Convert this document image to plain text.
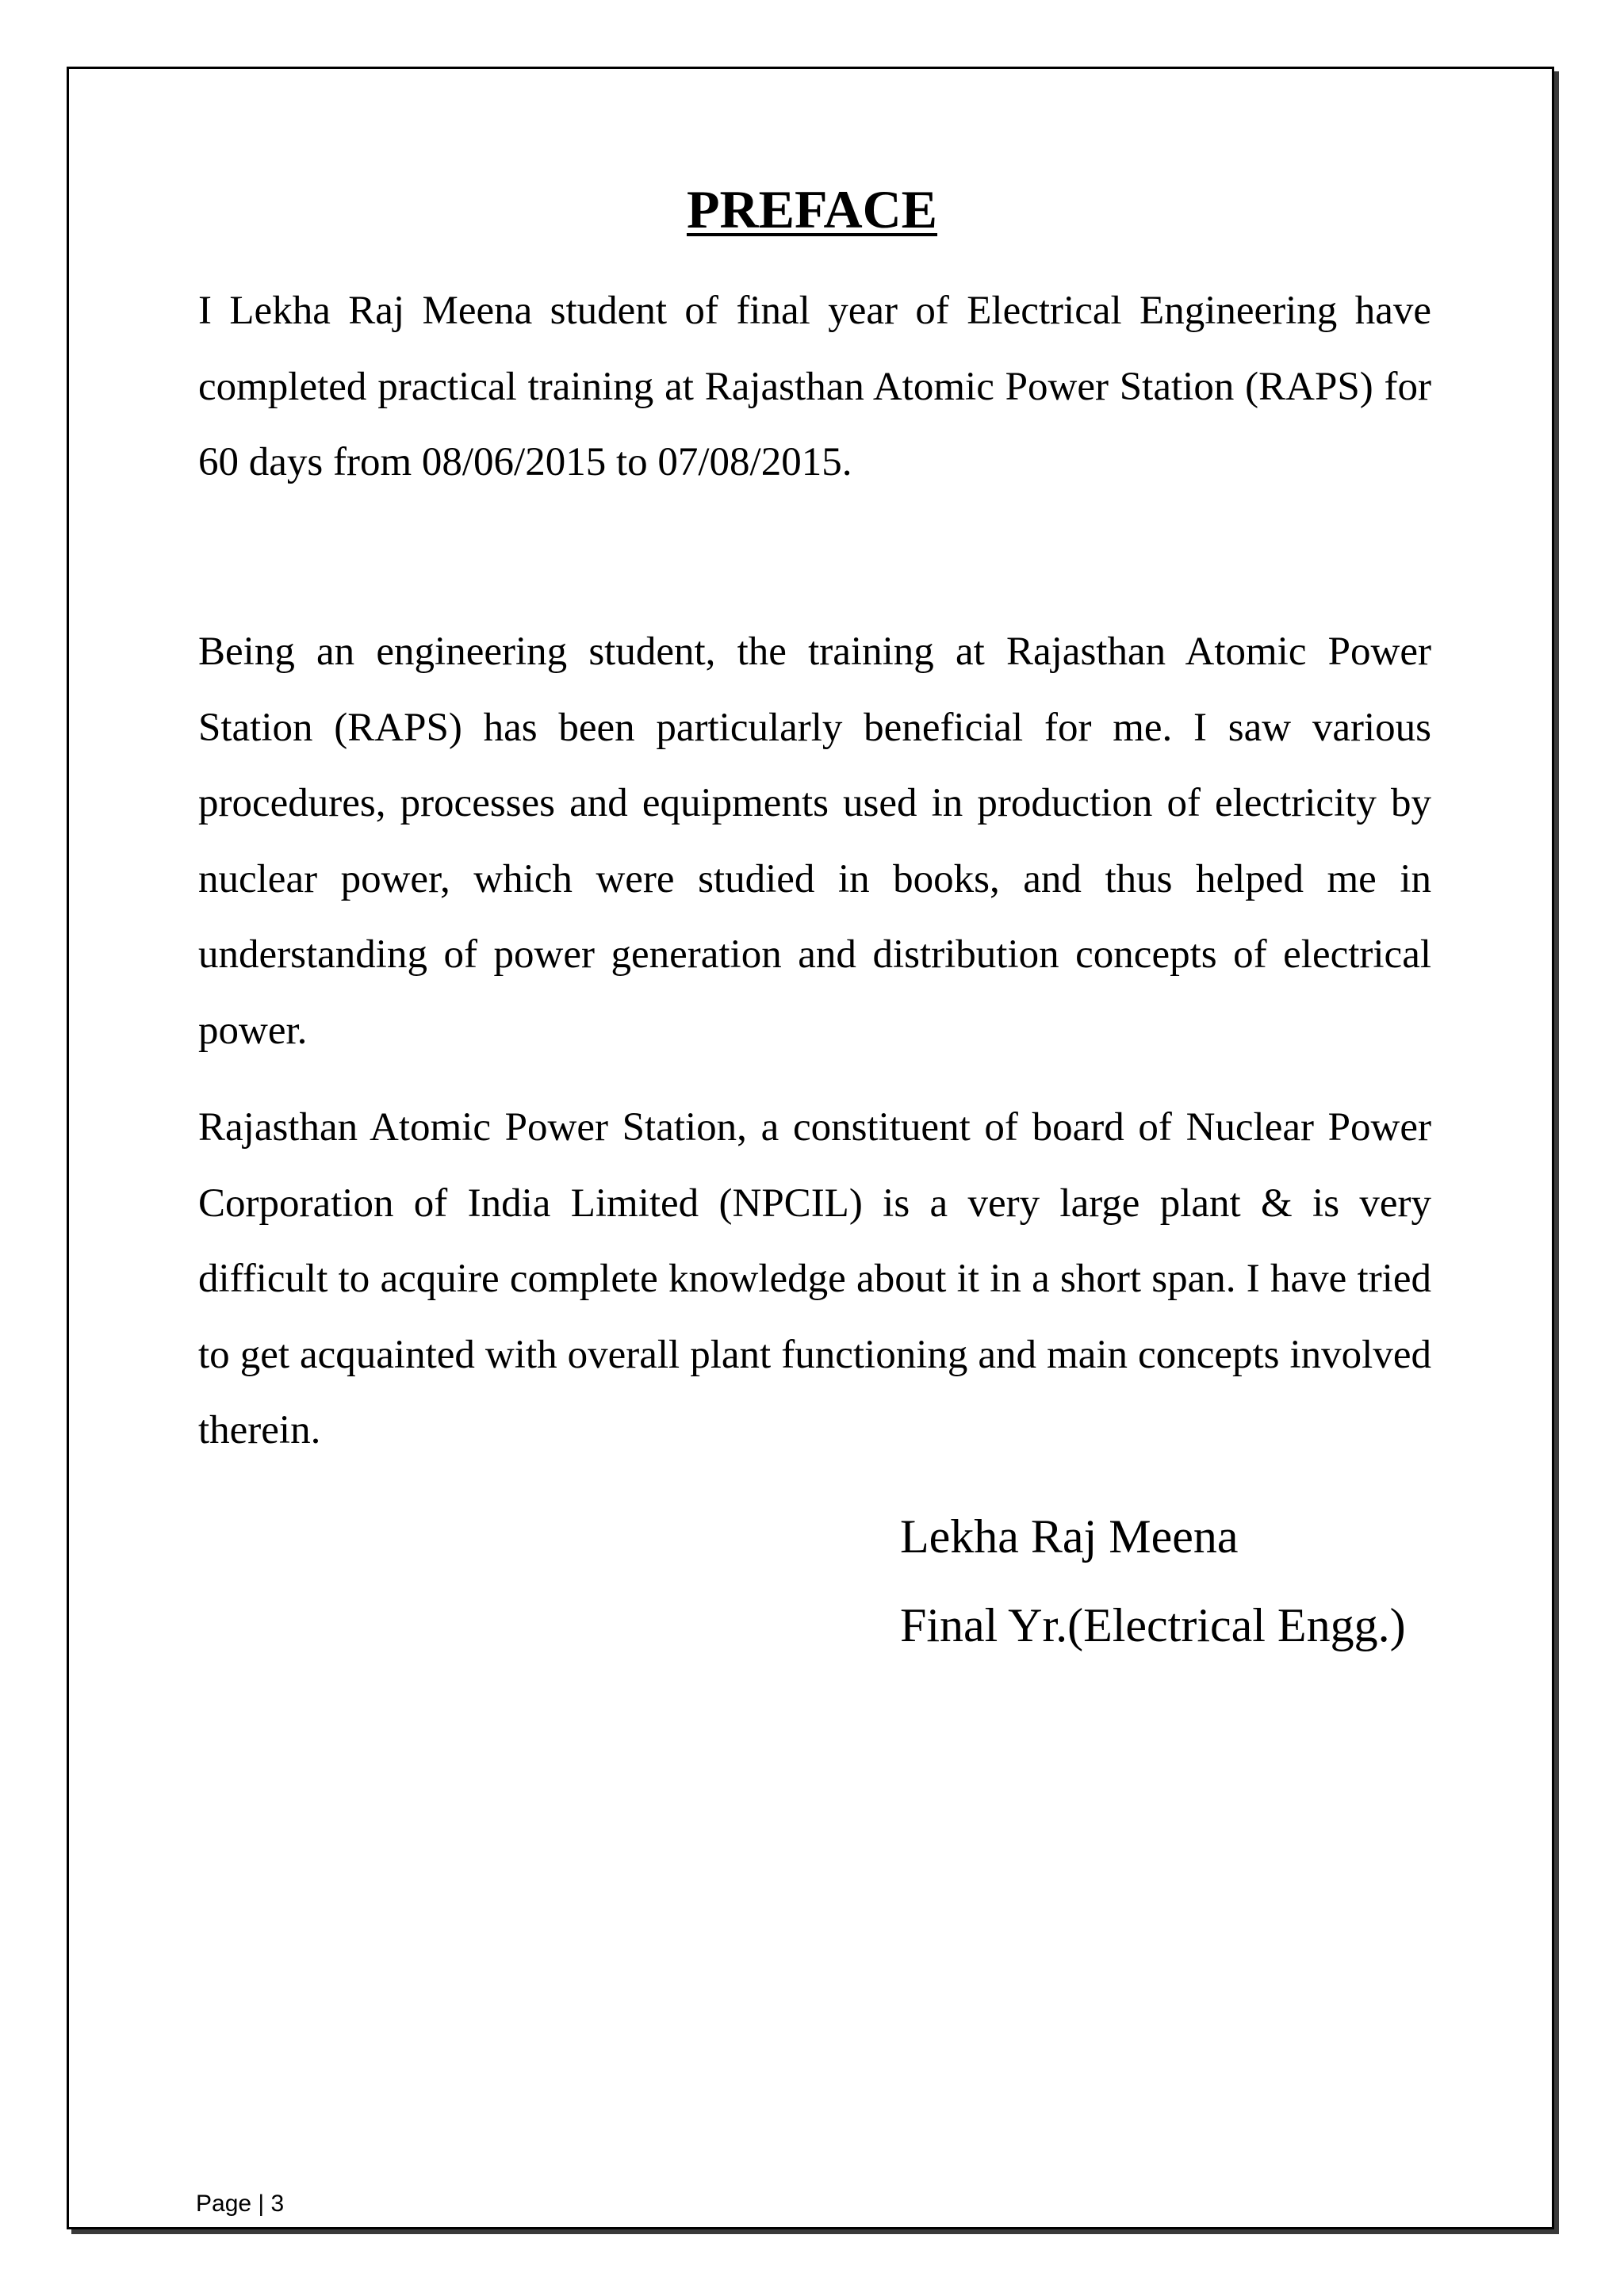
PREFACE

I Lekha Raj Meena student of final year of Electrical Engineering have completed practical training at Rajasthan Atomic Power Station (RAPS) for 60 days from 08/06/2015 to 07/08/2015.

Being an engineering student, the training at Rajasthan Atomic Power Station (RAPS) has been particularly beneficial for me. I saw various procedures, processes and equipments used in production of electricity by nuclear power, which were studied in books, and thus helped me in understanding of power generation and distribution concepts of electrical power.

Rajasthan Atomic Power Station, a constituent of board of Nuclear Power Corporation of India Limited (NPCIL) is a very large plant & is very difficult to acquire complete knowledge about it in a short span. I have tried to get acquainted with overall plant functioning and main concepts involved therein.

Lekha Raj Meena
Final Yr.(Electrical Engg.)
Page | 3
